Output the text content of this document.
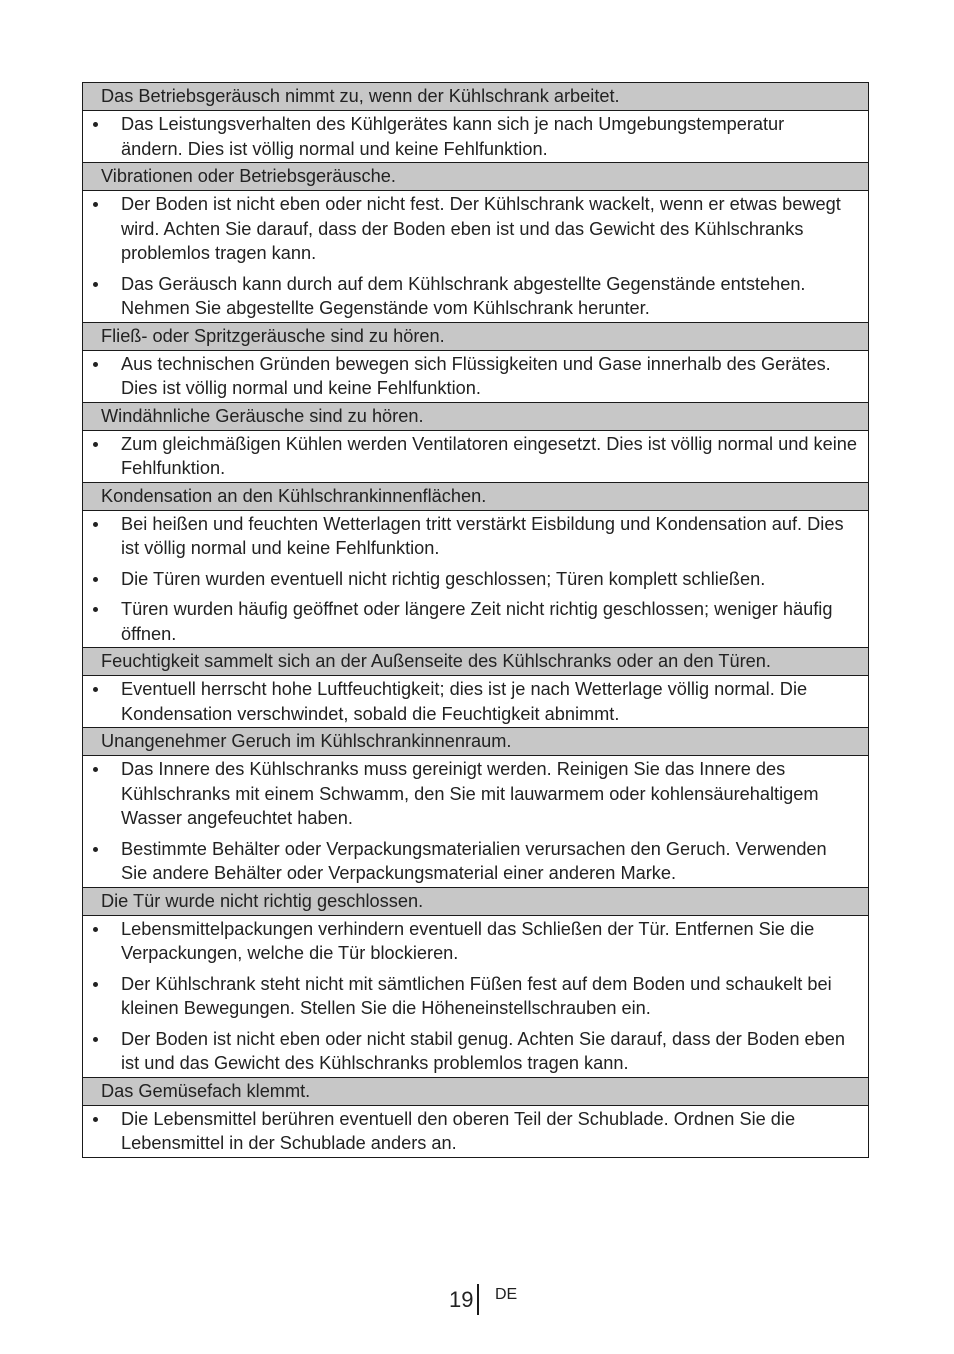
Das Betriebsgeräusch nimmt zu, wenn der Kühlschrank arbeitet.
Das Leistungsverhalten des Kühlgerätes kann sich je nach Umgebungstemperatur
ändern. Dies ist völlig normal und keine Fehlfunktion.
Vibrationen oder Betriebsgeräusche.
Der Boden ist nicht eben oder nicht fest. Der Kühlschrank wackelt, wenn er etwas bewegt
wird. Achten Sie darauf, dass der Boden eben ist und das Gewicht des Kühlschranks
problemlos tragen kann.
Das Geräusch kann durch auf dem Kühlschrank abgestellte Gegenstände entstehen.
Nehmen Sie abgestellte Gegenstände vom Kühlschrank herunter.
Fließ- oder Spritzgeräusche sind zu hören.
Aus technischen Gründen bewegen sich Flüssigkeiten und Gase innerhalb des Gerätes.
Dies ist völlig normal und keine Fehlfunktion.
Windähnliche Geräusche sind zu hören.
Zum gleichmäßigen Kühlen werden Ventilatoren eingesetzt. Dies ist völlig normal und keine
Fehlfunktion.
Kondensation an den Kühlschrankinnenflächen.
Bei heißen und feuchten Wetterlagen tritt verstärkt Eisbildung und Kondensation auf. Dies
ist völlig normal und keine Fehlfunktion.
Die Türen wurden eventuell nicht richtig geschlossen; Türen komplett schließen.
Türen wurden häufig geöffnet oder längere Zeit nicht richtig geschlossen; weniger häufig
öffnen.
Feuchtigkeit sammelt sich an der Außenseite des Kühlschranks oder an den Türen.
Eventuell herrscht hohe Luftfeuchtigkeit; dies ist je nach Wetterlage völlig normal. Die
Kondensation verschwindet, sobald die Feuchtigkeit abnimmt.
Unangenehmer Geruch im Kühlschrankinnenraum.
Das Innere des Kühlschranks muss gereinigt werden. Reinigen Sie das Innere des
Kühlschranks mit einem Schwamm, den Sie mit lauwarmem oder kohlensäurehaltigem
Wasser angefeuchtet haben.
Bestimmte Behälter oder Verpackungsmaterialien verursachen den Geruch. Verwenden
Sie andere Behälter oder Verpackungsmaterial einer anderen Marke.
Die Tür wurde nicht richtig geschlossen.
Lebensmittelpackungen verhindern eventuell das Schließen der Tür. Entfernen Sie die
Verpackungen, welche die Tür blockieren.
Der Kühlschrank steht nicht mit sämtlichen Füßen fest auf dem Boden und schaukelt bei
kleinen Bewegungen. Stellen Sie die Höheneinstellschrauben ein.
Der Boden ist nicht eben oder nicht stabil genug. Achten Sie darauf, dass der Boden eben
ist und das Gewicht des Kühlschranks problemlos tragen kann.
Das Gemüsefach klemmt.
Die Lebensmittel berühren eventuell den oberen Teil der Schublade. Ordnen Sie die
Lebensmittel in der Schublade anders an.
19 DE
